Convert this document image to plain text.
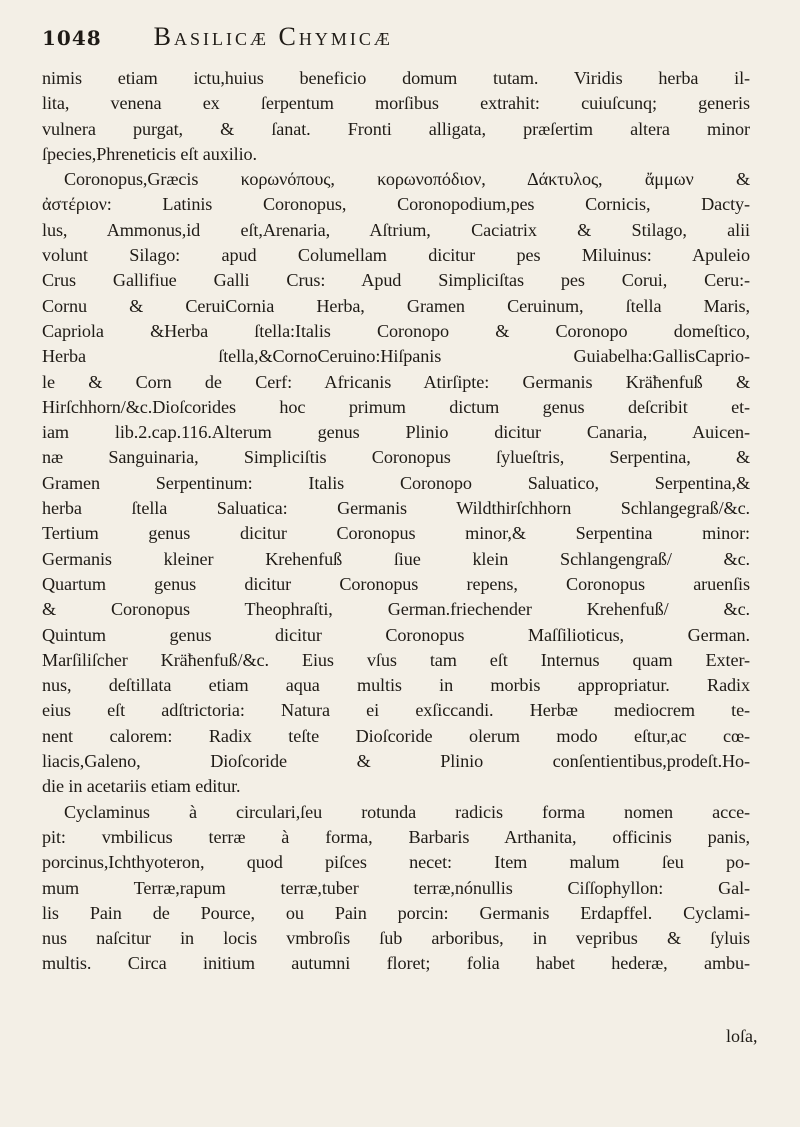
1048 Basilicæ Chymicæ
nimis etiam ictu,huius beneficio domum tutam. Viridis herba il-
lita, venena ex ſerpentum morſibus extrahit: cuiuſcunq; generis
vulnera purgat, & ſanat. Fronti alligata, præſertim altera minor
ſpecies,Phreneticis eſt auxilio.
Coronopus,Græcis κορωνόπους, κορωνοπόδιον, Δάκτυλος, ἄμμων &
ἀστέριον: Latinis Coronopus, Coronopodium,pes Cornicis, Dacty-
lus, Ammonus,id eſt,Arenaria, Aſtrium, Caciatrix & Stilago, alii
volunt Silago: apud Columellam dicitur pes Miluinus: Apuleio
Crus Gallifiue Galli Crus: Apud Simpliciſtas pes Corui, Ceru:-
Cornu & CeruiCornia Herba, Gramen Ceruinum, ſtella Maris,
Capriola &Herba ſtella:Italis Coronopo & Coronopo domeſtico,
Herba ſtella,&CornoCeruino:Hiſpanis Guiabelha:GallisCaprio-
le & Corn de Cerf: Africanis Atirſipte: Germanis Kräħenfuß &
Hirſchhorn/&c.Dioſcorides hoc primum dictum genus deſcribit et-
iam lib.2.cap.116.Alterum genus Plinio dicitur Canaria, Auicen-
næ Sanguinaria, Simpliciſtis Coronopus ſylueſtris, Serpentina, &
Gramen Serpentinum: Italis Coronopo Saluatico, Serpentina,&
herba ſtella Saluatica: Germanis Wildthirſchhorn Schlangegraß/&c.
Tertium genus dicitur Coronopus minor,& Serpentina minor:
Germanis kleiner Krehenfuß ſiue klein Schlangengraß/ &c.
Quartum genus dicitur Coronopus repens, Coronopus aruenſis
& Coronopus Theophraſti, German.friechender Krehenfuß/ &c.
Quintum genus dicitur Coronopus Maſſilioticus, German.
Marſiliſcher Kräħenfuß/&c. Eius vſus tam eſt Internus quam Exter-
nus, deſtillata etiam aqua multis in morbis appropriatur. Radix
eius eſt adſtrictoria: Natura ei exſiccandi. Herbæ mediocrem te-
nent calorem: Radix teſte Dioſcoride olerum modo eſtur,ac cœ-
liacis,Galeno, Dioſcoride & Plinio conſentientibus,prodeſt.Ho-
die in acetariis etiam editur.
Cyclaminus à circulari,ſeu rotunda radicis forma nomen acce-
pit: vmbilicus terræ à forma, Barbaris Arthanita, officinis panis,
porcinus,Ichthyoteron, quod piſces necet: Item malum ſeu po-
mum Terræ,rapum terræ,tuber terræ,nónullis Ciſſophyllon: Gal-
lis Pain de Pource, ou Pain porcin: Germanis Erdapffel. Cyclami-
nus naſcitur in locis vmbroſis ſub arboribus, in vepribus & ſyluis
multis. Circa initium autumni floret; folia habet hederæ, ambu-
loſa,
